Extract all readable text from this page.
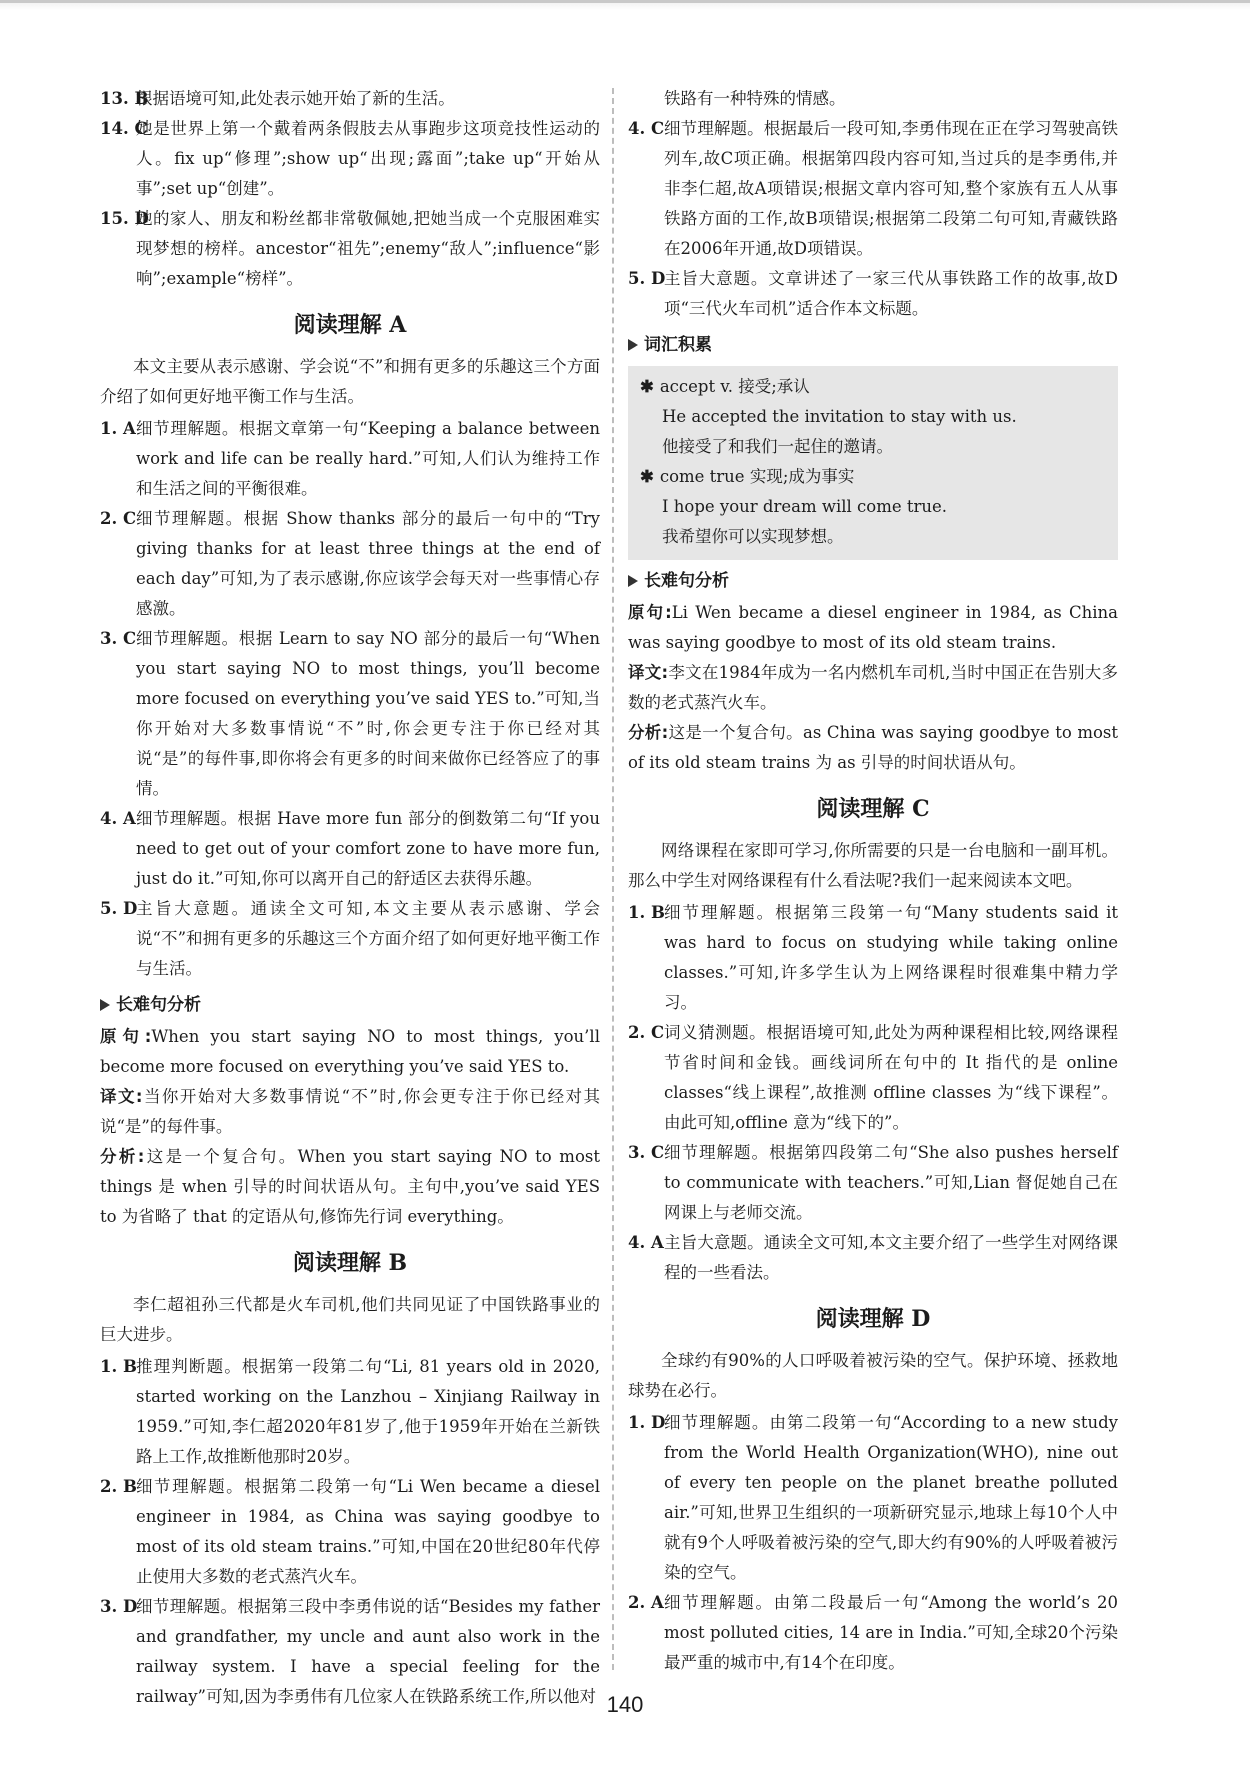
13. B
根据语境可知,此处表示她开始了新的生活。

14. C
她是世界上第一个戴着两条假肢去从事跑步这项竞技性运动的人。fix up“修理”;show up“出现;露面”;take up“开始从事”;set up“创建”。

15. D
她的家人、朋友和粉丝都非常敬佩她,把她当成一个克服困难实现梦想的榜样。ancestor“祖先”;enemy“敌人”;influence“影响”;example“榜样”。

阅读理解 A

本文主要从表示感谢、学会说“不”和拥有更多的乐趣这三个方面介绍了如何更好地平衡工作与生活。

1. A 细节理解题。根据文章第一句“Keeping a balance between work and life can be really hard.”可知,人们认为维持工作和生活之间的平衡很难。

2. C 细节理解题。根据 Show thanks 部分的最后一句中的“Try giving thanks for at least three things at the end of each day”可知,为了表示感谢,你应该学会每天对一些事情心存感激。

3. C 细节理解题。根据 Learn to say NO 部分的最后一句“When you start saying NO to most things, you’ll become more focused on everything you’ve said YES to.”可知,当你开始对大多数事情说“不”时,你会更专注于你已经对其说“是”的每件事,即你将会有更多的时间来做你已经答应了的事情。

4. A 细节理解题。根据 Have more fun 部分的倒数第二句“If you need to get out of your comfort zone to have more fun, just do it.”可知,你可以离开自己的舒适区去获得乐趣。

5. D
主旨大意题。通读全文可知,本文主要从表示感谢、学会说“不”和拥有更多的乐趣这三个方面介绍了如何更好地平衡工作与生活。

长难句分析

原句:When you start saying NO to most things, you’ll become more focused on everything you’ve said YES to.

译文:当你开始对大多数事情说“不”时,你会更专注于你已经对其说“是”的每件事。

分析:这是一个复合句。When you start saying NO to most things 是 when 引导的时间状语从句。主句中,you’ve said YES to 为省略了 that 的定语从句,修饰先行词 everything。

阅读理解 B

李仁超祖孙三代都是火车司机,他们共同见证了中国铁路事业的巨大进步。

1. B 推理判断题。根据第一段第二句“Li, 81 years old in 2020, started working on the Lanzhou – Xinjiang Railway in 1959.”可知,李仁超2020年81岁了,他于1959年开始在兰新铁路上工作,故推断他那时20岁。

2. B 细节理解题。根据第二段第一句“Li Wen became a diesel engineer in 1984, as China was saying goodbye to most of its old steam trains.”可知,中国在20世纪80年代停止使用大多数的老式蒸汽火车。

3. D
细节理解题。根据第三段中李勇伟说的话“Besides my father and grandfather, my uncle and aunt also work in the railway system. I have a special feeling for the railway”可知,因为李勇伟有几位家人在铁路系统工作,所以他对

铁路有一种特殊的情感。

4. C 细节理解题。根据最后一段可知,李勇伟现在正在学习驾驶高铁列车,故C项正确。根据第四段内容可知,当过兵的是李勇伟,并非李仁超,故A项错误;根据文章内容可知,整个家族有五人从事铁路方面的工作,故B项错误;根据第二段第二句可知,青藏铁路在2006年开通,故D项错误。

5. D
主旨大意题。文章讲述了一家三代从事铁路工作的故事,故D项“三代火车司机”适合作本文标题。

词汇积累
✱ accept v. 接受;承认
He accepted the invitation to stay with us.
他接受了和我们一起住的邀请。
✱ come true 实现;成为事实
I hope your dream will come true.
我希望你可以实现梦想。
长难句分析

原句:Li Wen became a diesel engineer in 1984, as China was saying goodbye to most of its old steam trains.

译文:李文在1984年成为一名内燃机车司机,当时中国正在告别大多数的老式蒸汽火车。

分析:这是一个复合句。as China was saying goodbye to most of its old steam trains 为 as 引导的时间状语从句。

阅读理解 C

网络课程在家即可学习,你所需要的只是一台电脑和一副耳机。那么中学生对网络课程有什么看法呢?我们一起来阅读本文吧。

1. B 细节理解题。根据第三段第一句“Many students said it was hard to focus on studying while taking online classes.”可知,许多学生认为上网络课程时很难集中精力学习。

2. C 词义猜测题。根据语境可知,此处为两种课程相比较,网络课程节省时间和金钱。画线词所在句中的 It 指代的是 online classes“线上课程”,故推测 offline classes 为“线下课程”。由此可知,offline 意为“线下的”。

3. C 细节理解题。根据第四段第二句“She also pushes herself to communicate with teachers.”可知,Lian 督促她自己在网课上与老师交流。

4. A 主旨大意题。通读全文可知,本文主要介绍了一些学生对网络课程的一些看法。

阅读理解 D

全球约有90%的人口呼吸着被污染的空气。保护环境、拯救地球势在必行。

1. D
细节理解题。由第二段第一句“According to a new study from the World Health Organization(WHO), nine out of every ten people on the planet breathe polluted air.”可知,世界卫生组织的一项新研究显示,地球上每10个人中就有9个人呼吸着被污染的空气,即大约有90%的人呼吸着被污染的空气。

2. A 细节理解题。由第二段最后一句“Among the world’s 20 most polluted cities, 14 are in India.”可知,全球20个污染最严重的城市中,有14个在印度。

140
